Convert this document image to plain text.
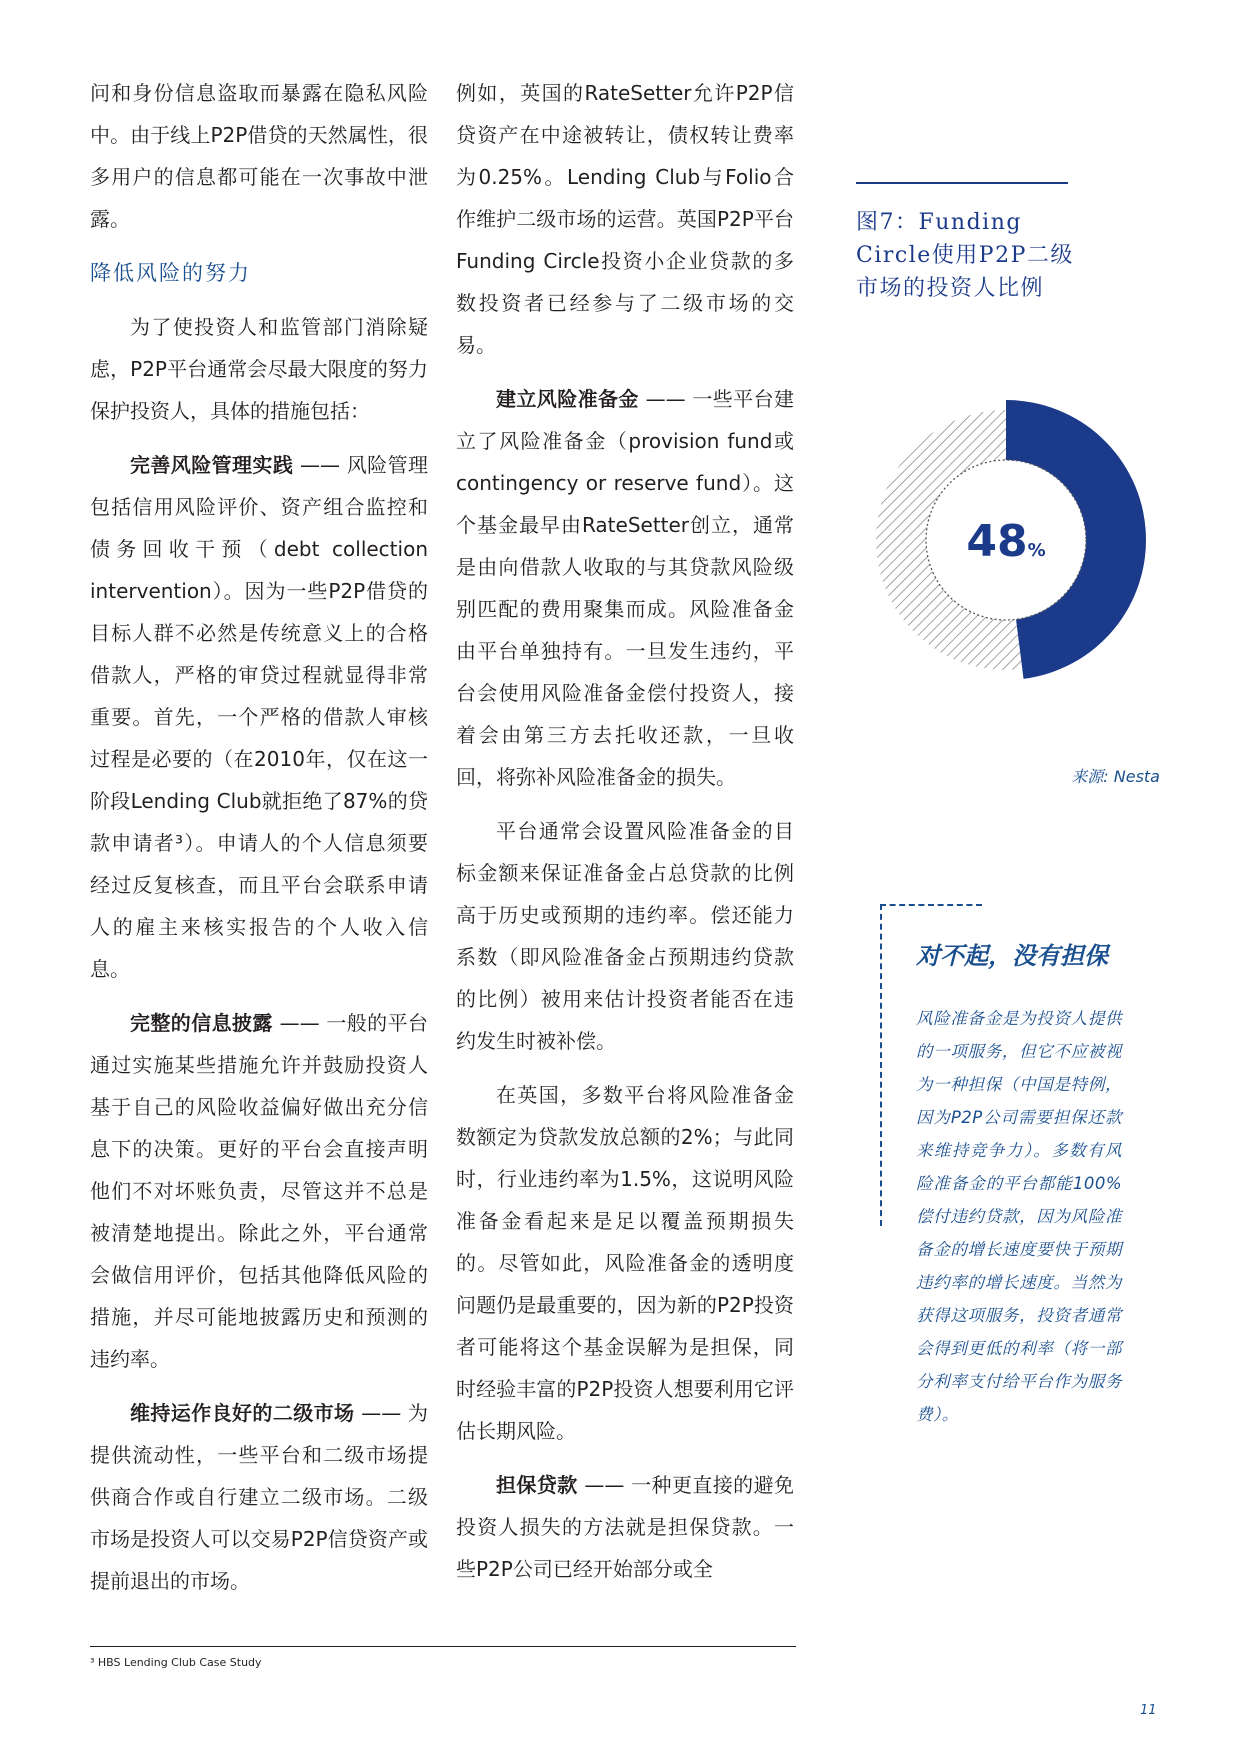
问和身份信息盗取而暴露在隐私风险中。由于线上P2P借贷的天然属性，很多用户的信息都可能在一次事故中泄露。

降低风险的努力

为了使投资人和监管部门消除疑虑，P2P平台通常会尽最大限度的努力保护投资人，具体的措施包括：

完善风险管理实践 —— 风险管理包括信用风险评价、资产组合监控和债务回收干预（debt collection intervention）。因为一些P2P借贷的目标人群不必然是传统意义上的合格借款人，严格的审贷过程就显得非常重要。首先，一个严格的借款人审核过程是必要的（在2010年，仅在这一阶段Lending Club就拒绝了87%的贷款申请者³）。申请人的个人信息须要经过反复核查，而且平台会联系申请人的雇主来核实报告的个人收入信息。

完整的信息披露 —— 一般的平台通过实施某些措施允许并鼓励投资人基于自己的风险收益偏好做出充分信息下的决策。更好的平台会直接声明他们不对坏账负责，尽管这并不总是被清楚地提出。除此之外，平台通常会做信用评价，包括其他降低风险的措施，并尽可能地披露历史和预测的违约率。

维持运作良好的二级市场 —— 为提供流动性，一些平台和二级市场提供商合作或自行建立二级市场。二级市场是投资人可以交易P2P信贷资产或提前退出的市场。

例如，英国的RateSetter允许P2P信贷资产在中途被转让，债权转让费率为0.25%。Lending Club与Folio合作维护二级市场的运营。英国P2P平台Funding Circle投资小企业贷款的多数投资者已经参与了二级市场的交易。

建立风险准备金 —— 一些平台建立了风险准备金（provision fund或contingency or reserve fund）。这个基金最早由RateSetter创立，通常是由向借款人收取的与其贷款风险级别匹配的费用聚集而成。风险准备金由平台单独持有。一旦发生违约，平台会使用风险准备金偿付投资人，接着会由第三方去托收还款，一旦收回，将弥补风险准备金的损失。

平台通常会设置风险准备金的目标金额来保证准备金占总贷款的比例高于历史或预期的违约率。偿还能力系数（即风险准备金占预期违约贷款的比例）被用来估计投资者能否在违约发生时被补偿。

在英国，多数平台将风险准备金数额定为贷款发放总额的2%；与此同时，行业违约率为1.5%，这说明风险准备金看起来是足以覆盖预期损失的。尽管如此，风险准备金的透明度问题仍是最重要的，因为新的P2P投资者可能将这个基金误解为是担保，同时经验丰富的P2P投资人想要利用它评估长期风险。

担保贷款 —— 一种更直接的避免投资人损失的方法就是担保贷款。一些P2P公司已经开始部分或全

图7：Funding Circle使用P2P二级市场的投资人比例
48%
来源: Nesta
对不起，没有担保
风险准备金是为投资人提供的一项服务，但它不应被视为一种担保（中国是特例，因为P2P公司需要担保还款来维持竞争力）。多数有风险准备金的平台都能100%偿付违约贷款，因为风险准备金的增长速度要快于预期违约率的增长速度。当然为获得这项服务，投资者通常会得到更低的利率（将一部分利率支付给平台作为服务费）。
³ HBS Lending Club Case Study
11
